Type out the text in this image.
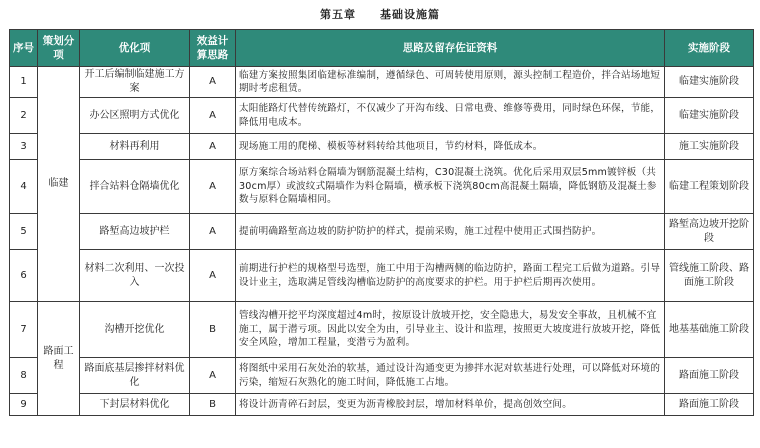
第五章　　基础设施篇
序号	策划分项	优化项	效益计算思路	思路及留存佐证资料	实施阶段
1	临建	开工后编制临建施工方案	A	临建方案按照集团临建标准编制，遵循绿色、可周转使用原则，源头控制工程造价，拌合站场地短期时考虑租赁。	临建实施阶段
2		办公区照明方式优化	A	太阳能路灯代替传统路灯，不仅减少了开沟布线、日常电费、维修等费用，同时绿色环保，节能，降低用电成本。	临建实施阶段
3		材料再利用	A	现场施工用的爬梯、模板等材料转给其他项目，节约材料，降低成本。	施工实施阶段
4		拌合站料仓隔墙优化	A	原方案综合场站料仓隔墙为钢筋混凝土结构，C30混凝土浇筑。优化后采用双层5mm镀锌板（共30cm厚）或波纹式隔墙作为料仓隔墙，横承板下浇筑80cm高混凝土隔墙，降低钢筋及混凝土参数与原料仓隔墙相同。	临建工程策划阶段
5		路堑高边坡护栏	A	提前明确路堑高边坡的防护防护的样式，提前采购，施工过程中使用正式围挡防护。	路堑高边坡开挖阶段
6		材料二次利用、一次投入	A	前期进行护栏的规格型号选型，施工中用于沟槽两侧的临边防护，路面工程完工后做为道路。引导设计业主，选取满足管线沟槽临边防护的高度要求的护栏。用于护栏后期再次使用。	管线施工阶段、路面施工阶段
7	路面工程	沟槽开挖优化	B	管线沟槽开挖平均深度超过4m时，按原设计放坡开挖，安全隐患大，易发安全事故，且机械不宜施工，属于潜亏项。因此以安全为由，引导业主、设计和监理，按照更大坡度进行放坡开挖，降低安全风险，增加工程量，变潜亏为盈利。	地基基础施工阶段
8		路面底基层掺拌材料优化	A	将图纸中采用石灰处治的软基，通过设计沟通变更为掺拌水泥对软基进行处理，可以降低对环境的污染，缩短石灰熟化的施工时间，降低施工占地。	路面施工阶段
9		下封层材料优化	B	将设计沥青碎石封层，变更为沥青橡胶封层，增加材料单价，提高创效空间。	路面施工阶段
